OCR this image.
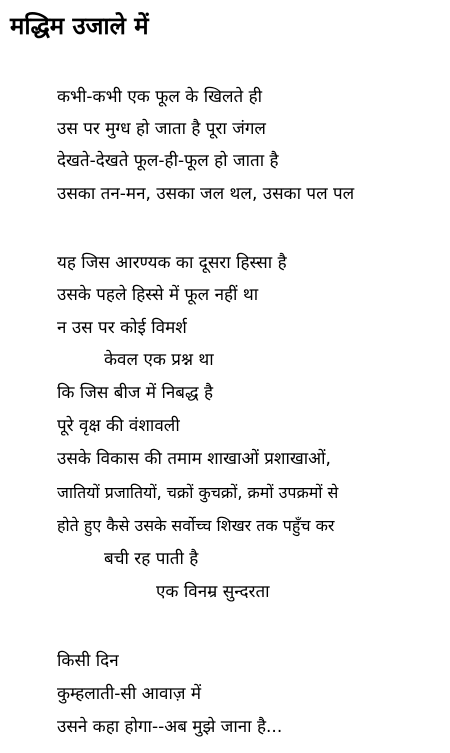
मद्धिम उजाले में
कभी-कभी एक फूल के खिलते ही
उस पर मुग्ध हो जाता है पूरा जंगल
देखते-देखते फूल-ही-फूल हो जाता है
उसका तन-मन, उसका जल थल, उसका पल पल
यह जिस आरण्यक का दूसरा हिस्सा है
उसके पहले हिस्से में फूल नहीं था
न उस पर कोई विमर्श
केवल एक प्रश्न था
कि जिस बीज में निबद्ध है
पूरे वृक्ष की वंशावली
उसके विकास की तमाम शाखाओं प्रशाखाओं,
जातियों प्रजातियों, चक्रों कुचक्रों, क्रमों उपक्रमों से
होते हुए कैसे उसके सर्वोच्च शिखर तक पहुँच कर
बची रह पाती है
एक विनम्र सुन्दरता
किसी दिन
कुम्हलाती-सी आवाज़ में
उसने कहा होगा--अब मुझे जाना है...
